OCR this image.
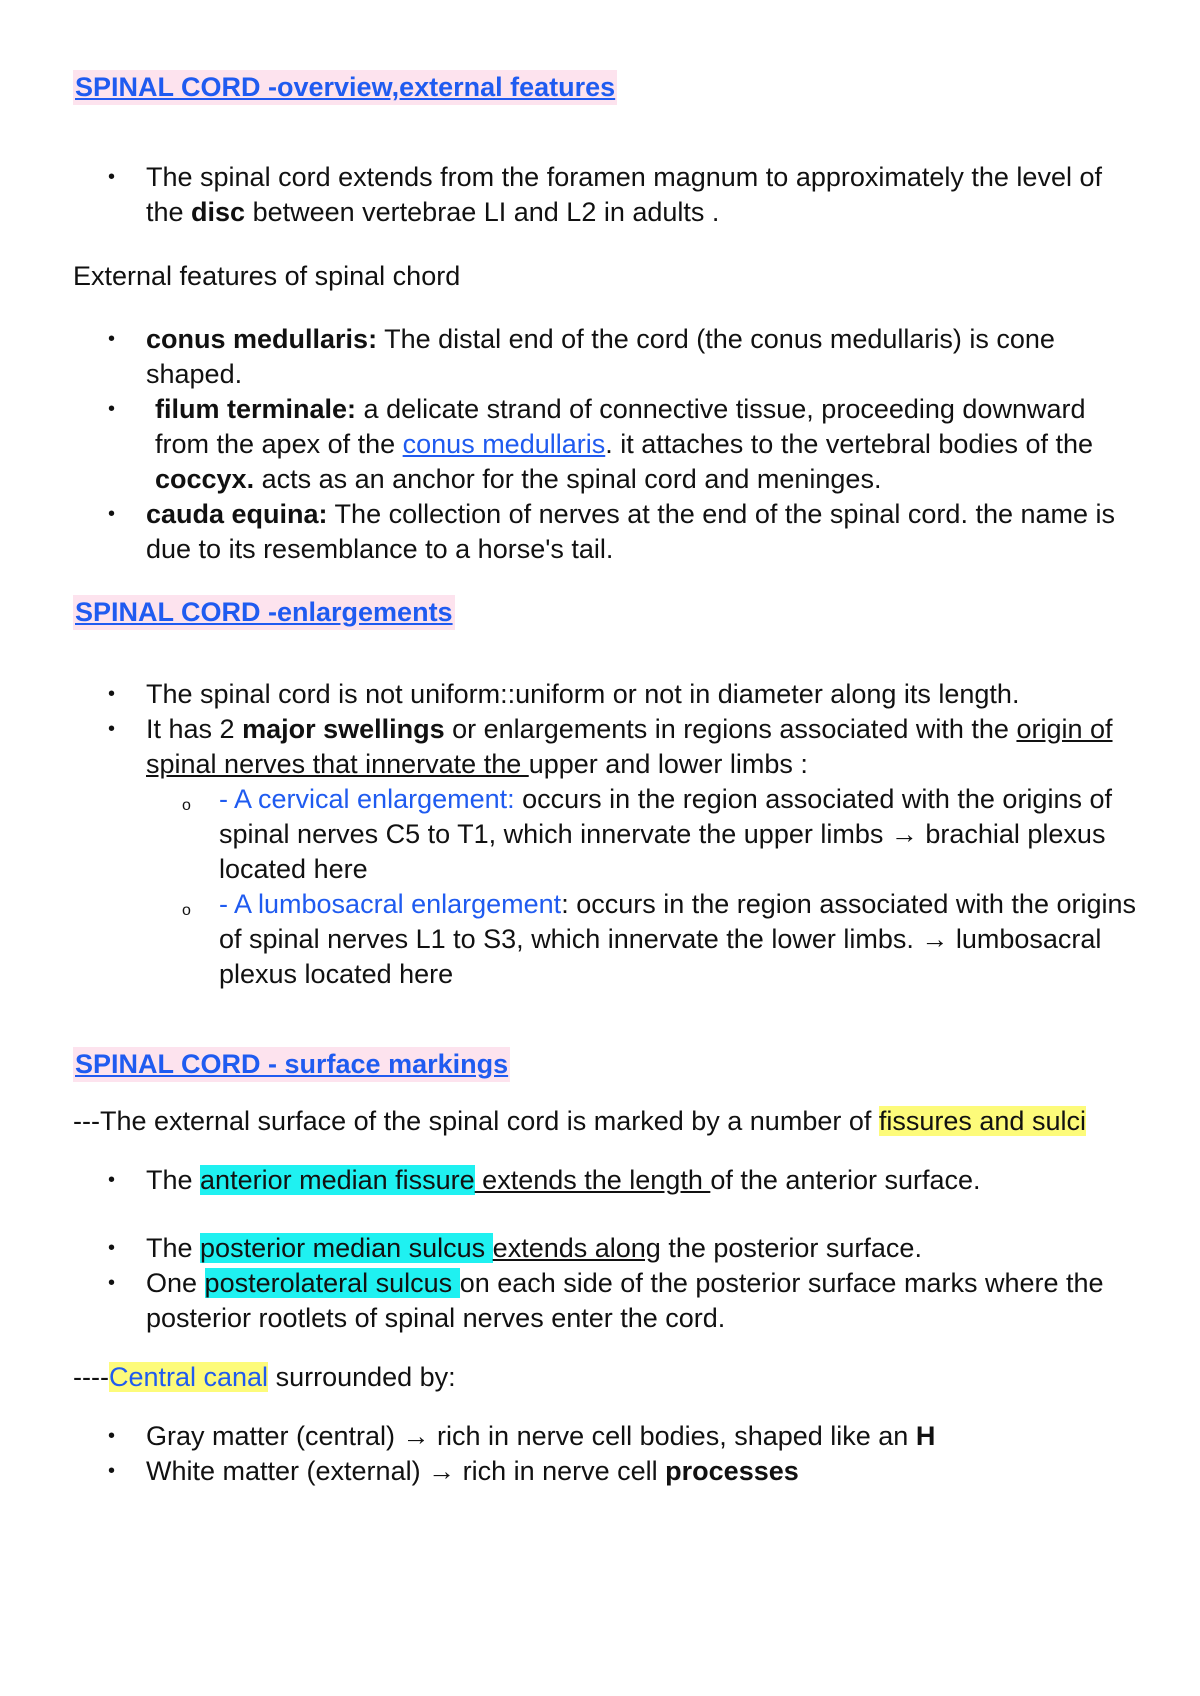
SPINAL CORD -overview,external features
• The spinal cord extends from the foramen magnum to approximately the level of the disc between vertebrae LI and L2 in adults .

External features of spinal chord

• conus medullaris: The distal end of the cord (the conus medullaris) is cone shaped.
• filum terminale: a delicate strand of connective tissue, proceeding downward from the apex of the conus medullaris. it attaches to the vertebral bodies of the coccyx. acts as an anchor for the spinal cord and meninges.
• cauda equina: The collection of nerves at the end of the spinal cord. the name is due to its resemblance to a horse's tail.
SPINAL CORD -enlargements
• The spinal cord is not uniform::uniform or not in diameter along its length.
• It has 2 major swellings or enlargements in regions associated with the origin of spinal nerves that innervate the upper and lower limbs :
o - A cervical enlargement: occurs in the region associated with the origins of spinal nerves C5 to T1, which innervate the upper limbs → brachial plexus located here
o - A lumbosacral enlargement: occurs in the region associated with the origins of spinal nerves L1 to S3, which innervate the lower limbs. → lumbosacral plexus located here
SPINAL CORD - surface markings

---The external surface of the spinal cord is marked by a number of fissures and sulci

• The anterior median fissure extends the length of the anterior surface.
• The posterior median sulcus extends along the posterior surface.
• One posterolateral sulcus on each side of the posterior surface marks where the posterior rootlets of spinal nerves enter the cord.

----Central canal surrounded by:

• Gray matter (central) → rich in nerve cell bodies, shaped like an H
• White matter (external) → rich in nerve cell processes
